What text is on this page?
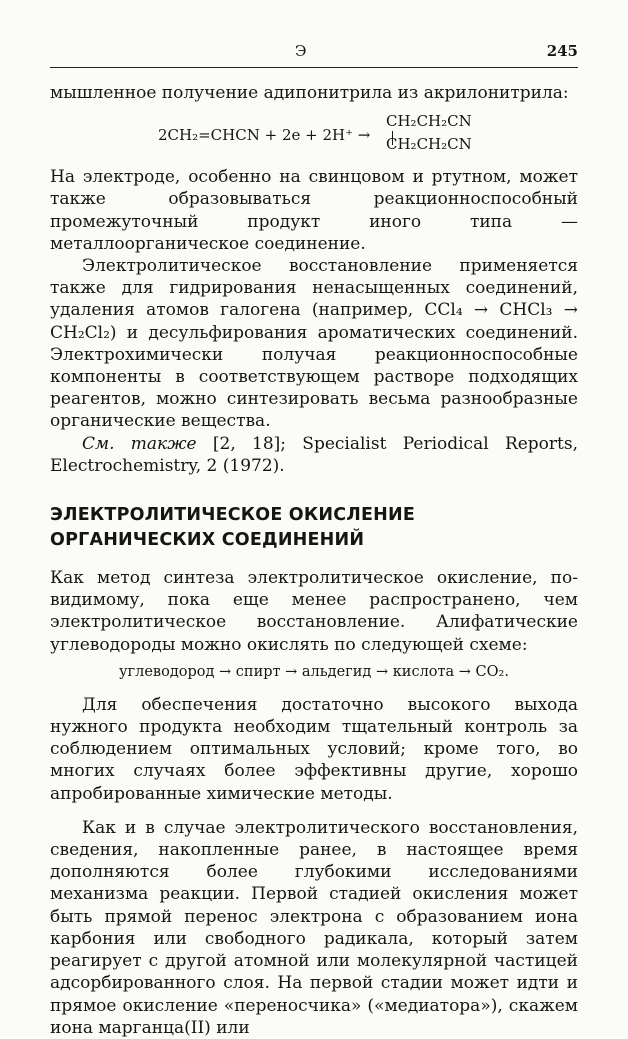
Э	245

мышленное получение адипонитрила из акрилонитрила:

2CH₂=CHCN + 2e + 2H⁺ →
CH₂CH₂CN
CH₂CH₂CN

На электроде, особенно на свинцовом и ртутном, может также образовываться реакционноспособный промежуточный продукт иного типа — металлоорганическое соединение.

Электролитическое восстановление применяется также для гидрирования ненасыщенных соединений, удаления атомов галогена (например, CCl₄ → CHCl₃ → CH₂Cl₂) и десульфирования ароматических соединений. Электрохимически получая реакционноспособные компоненты в соответствующем растворе подходящих реагентов, можно синтезировать весьма разнообразные органические вещества.

См. также [2, 18]; Specialist Periodical Reports, Electrochemistry, 2 (1972).

ЭЛЕКТРОЛИТИЧЕСКОЕ ОКИСЛЕНИЕ ОРГАНИЧЕСКИХ СОЕДИНЕНИЙ

Как метод синтеза электролитическое окисление, по-видимому, пока еще менее распространено, чем электролитическое восстановление. Алифатические углеводороды можно окислять по следующей схеме:

углеводород → спирт → альдегид → кислота → CO₂.

Для обеспечения достаточно высокого выхода нужного продукта необходим тщательный контроль за соблюдением оптимальных условий; кроме того, во многих случаях более эффективны другие, хорошо апробированные химические методы.

Как и в случае электролитического восстановления, сведения, накопленные ранее, в настоящее время дополняются более глубокими исследованиями механизма реакции. Первой стадией окисления может быть прямой перенос электрона с образованием иона карбония или свободного радикала, который затем реагирует с другой атомной или молекулярной частицей адсорбированного слоя. На первой стадии может идти и прямое окисление «переносчика» («медиатора»), скажем иона марганца(II) или
